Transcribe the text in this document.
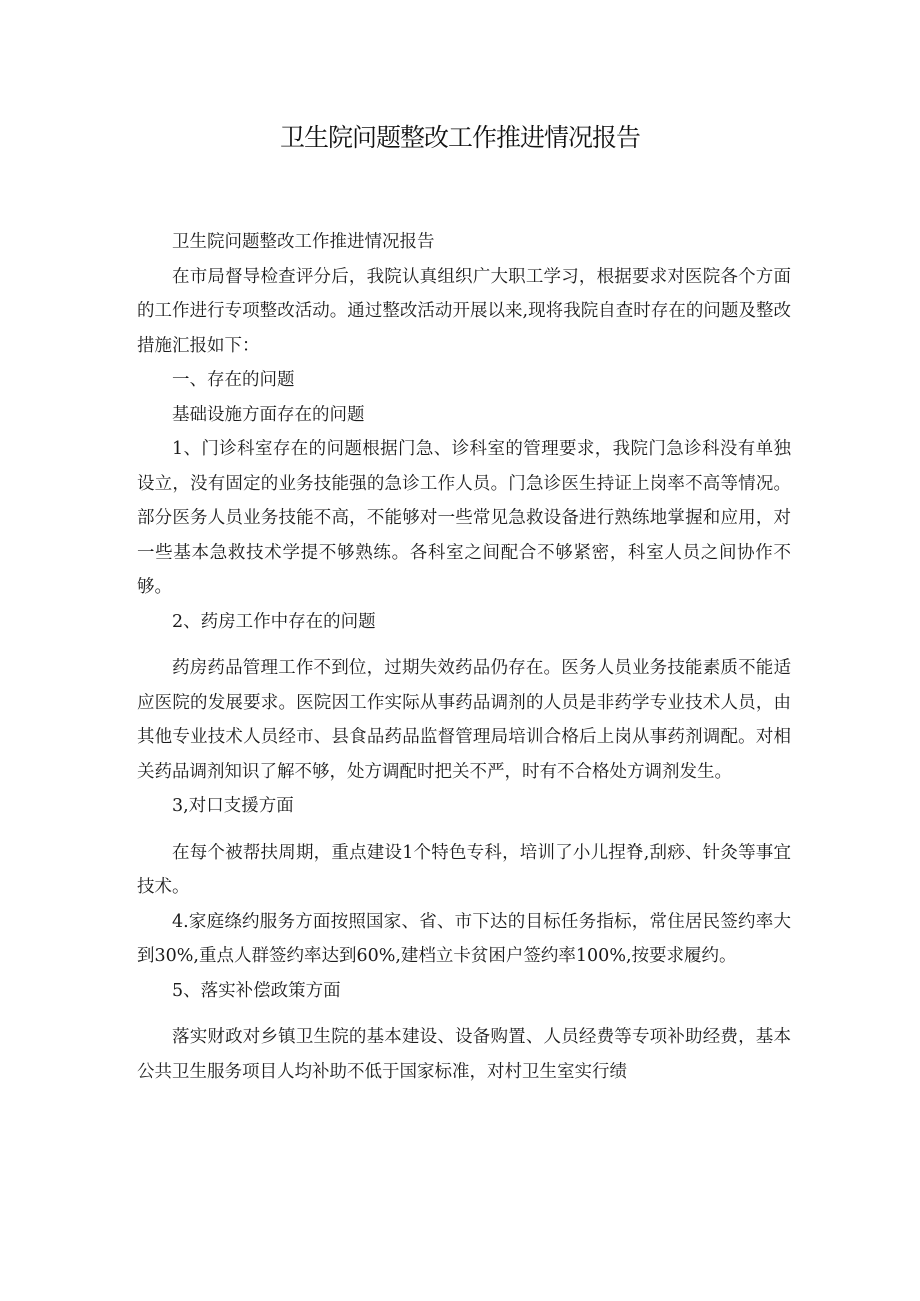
卫生院问题整改工作推进情况报告

卫生院问题整改工作推进情况报告

在市局督导检查评分后，我院认真组织广大职工学习，根据要求对医院各个方面的工作进行专项整改活动。通过整改活动开展以来,现将我院自查时存在的问题及整改措施汇报如下：

一、存在的问题

基础设施方面存在的问题

1、门诊科室存在的问题根据门急、诊科室的管理要求，我院门急诊科没有单独设立，没有固定的业务技能强的急诊工作人员。门急诊医生持证上岗率不高等情况。部分医务人员业务技能不高，不能够对一些常见急救设备进行熟练地掌握和应用，对一些基本急救技术学提不够熟练。各科室之间配合不够紧密，科室人员之间协作不够。

2、药房工作中存在的问题

药房药品管理工作不到位，过期失效药品仍存在。医务人员业务技能素质不能适应医院的发展要求。医院因工作实际从事药品调剂的人员是非药学专业技术人员，由其他专业技术人员经市、县食品药品监督管理局培训合格后上岗从事药剂调配。对相关药品调剂知识了解不够，处方调配时把关不严，时有不合格处方调剂发生。

3,对口支援方面

在每个被帮扶周期，重点建设1个特色专科，培训了小儿捏脊,刮痧、针灸等事宜技术。

4.家庭绦约服务方面按照国家、省、市下达的目标任务指标，常住居民签约率大到30%,重点人群签约率达到60%,建档立卡贫困户签约率100%,按要求履约。

5、落实补偿政策方面

落实财政对乡镇卫生院的基本建设、设备购置、人员经费等专项补助经费，基本公共卫生服务项目人均补助不低于国家标准，对村卫生室实行绩
